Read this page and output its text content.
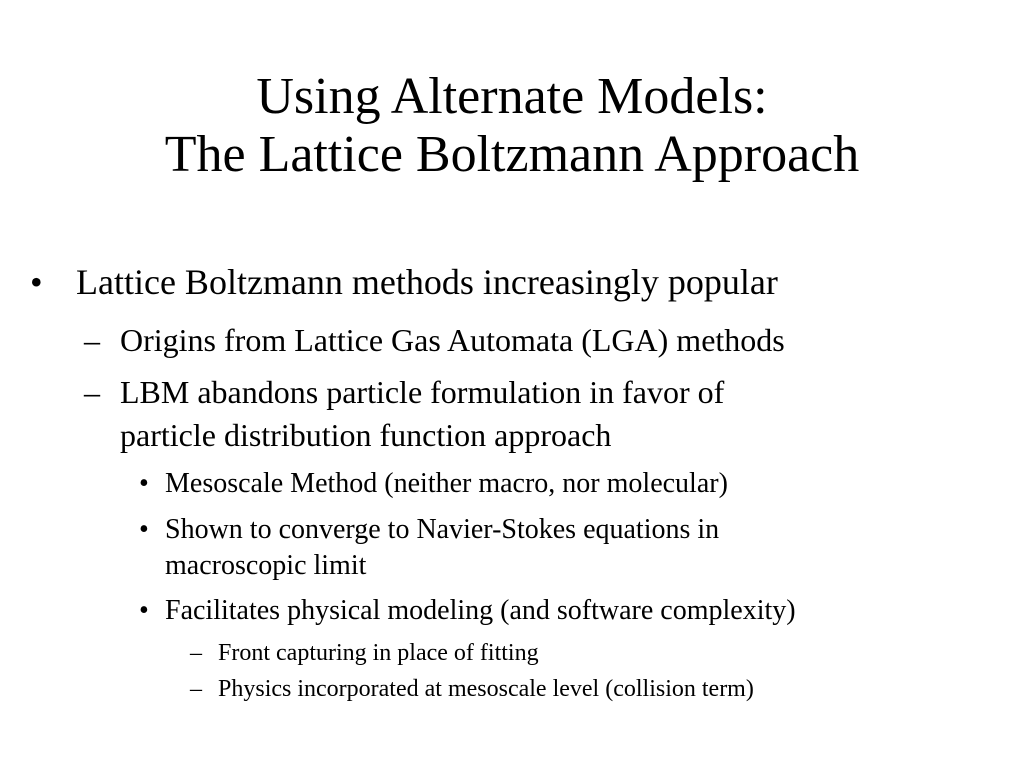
Using Alternate Models:
The Lattice Boltzmann Approach
• Lattice Boltzmann methods increasingly popular
– Origins from Lattice Gas Automata (LGA) methods
– LBM abandons particle formulation in favor of
particle distribution function approach
• Mesoscale Method (neither macro, nor molecular)
• Shown to converge to Navier-Stokes equations in
macroscopic limit
• Facilitates physical modeling (and software complexity)
– Front capturing in place of fitting
– Physics incorporated at mesoscale level (collision term)
